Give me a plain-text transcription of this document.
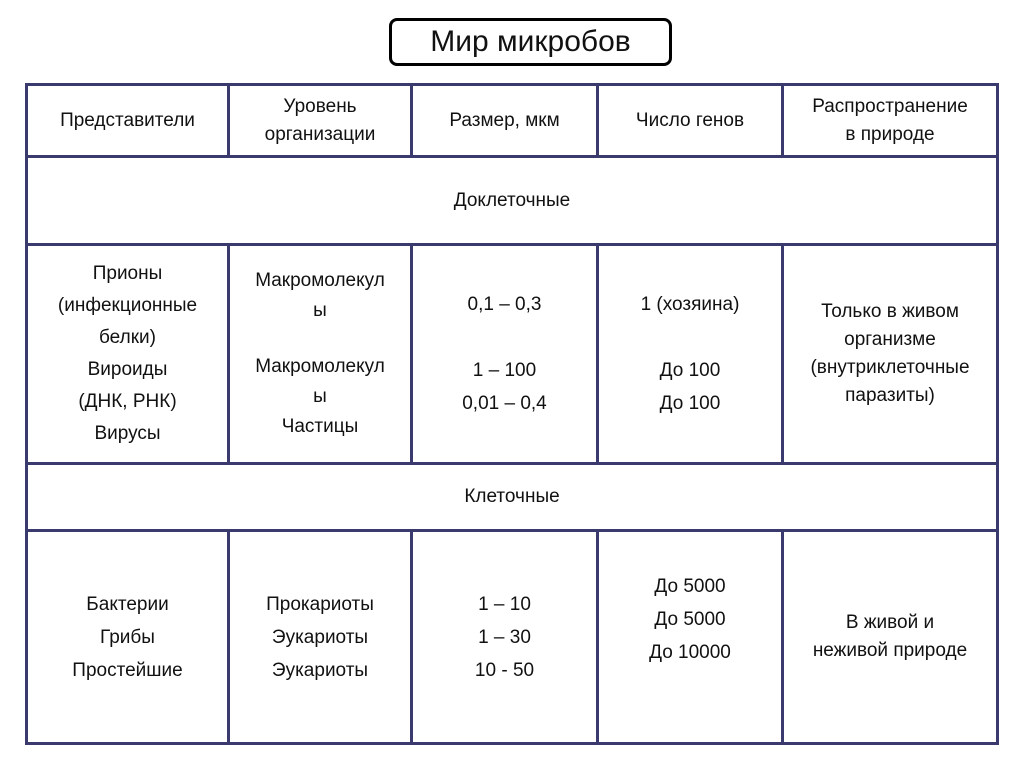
Мир микробов
Представители
Уровень
организации
Размер, мкм	Число генов
Распространение
в природе
Доклеточные
Прионы
(инфекционные
белки)
Вироиды
(ДНК, РНК)
Вирусы
Макромолекул
ы
Макромолекул
ы
Частицы
0,1 – 0,3
1 – 100
0,01 – 0,4
1 (хозяина)
До 100
До 100
Только в живом
организме
(внутриклеточные
паразиты)
Клеточные
Бактерии
Грибы
Простейшие
Прокариоты
Эукариоты
Эукариоты
1 – 10
1 – 30
10 - 50
До 5000
До 5000
До 10000
В живой и
неживой природе
